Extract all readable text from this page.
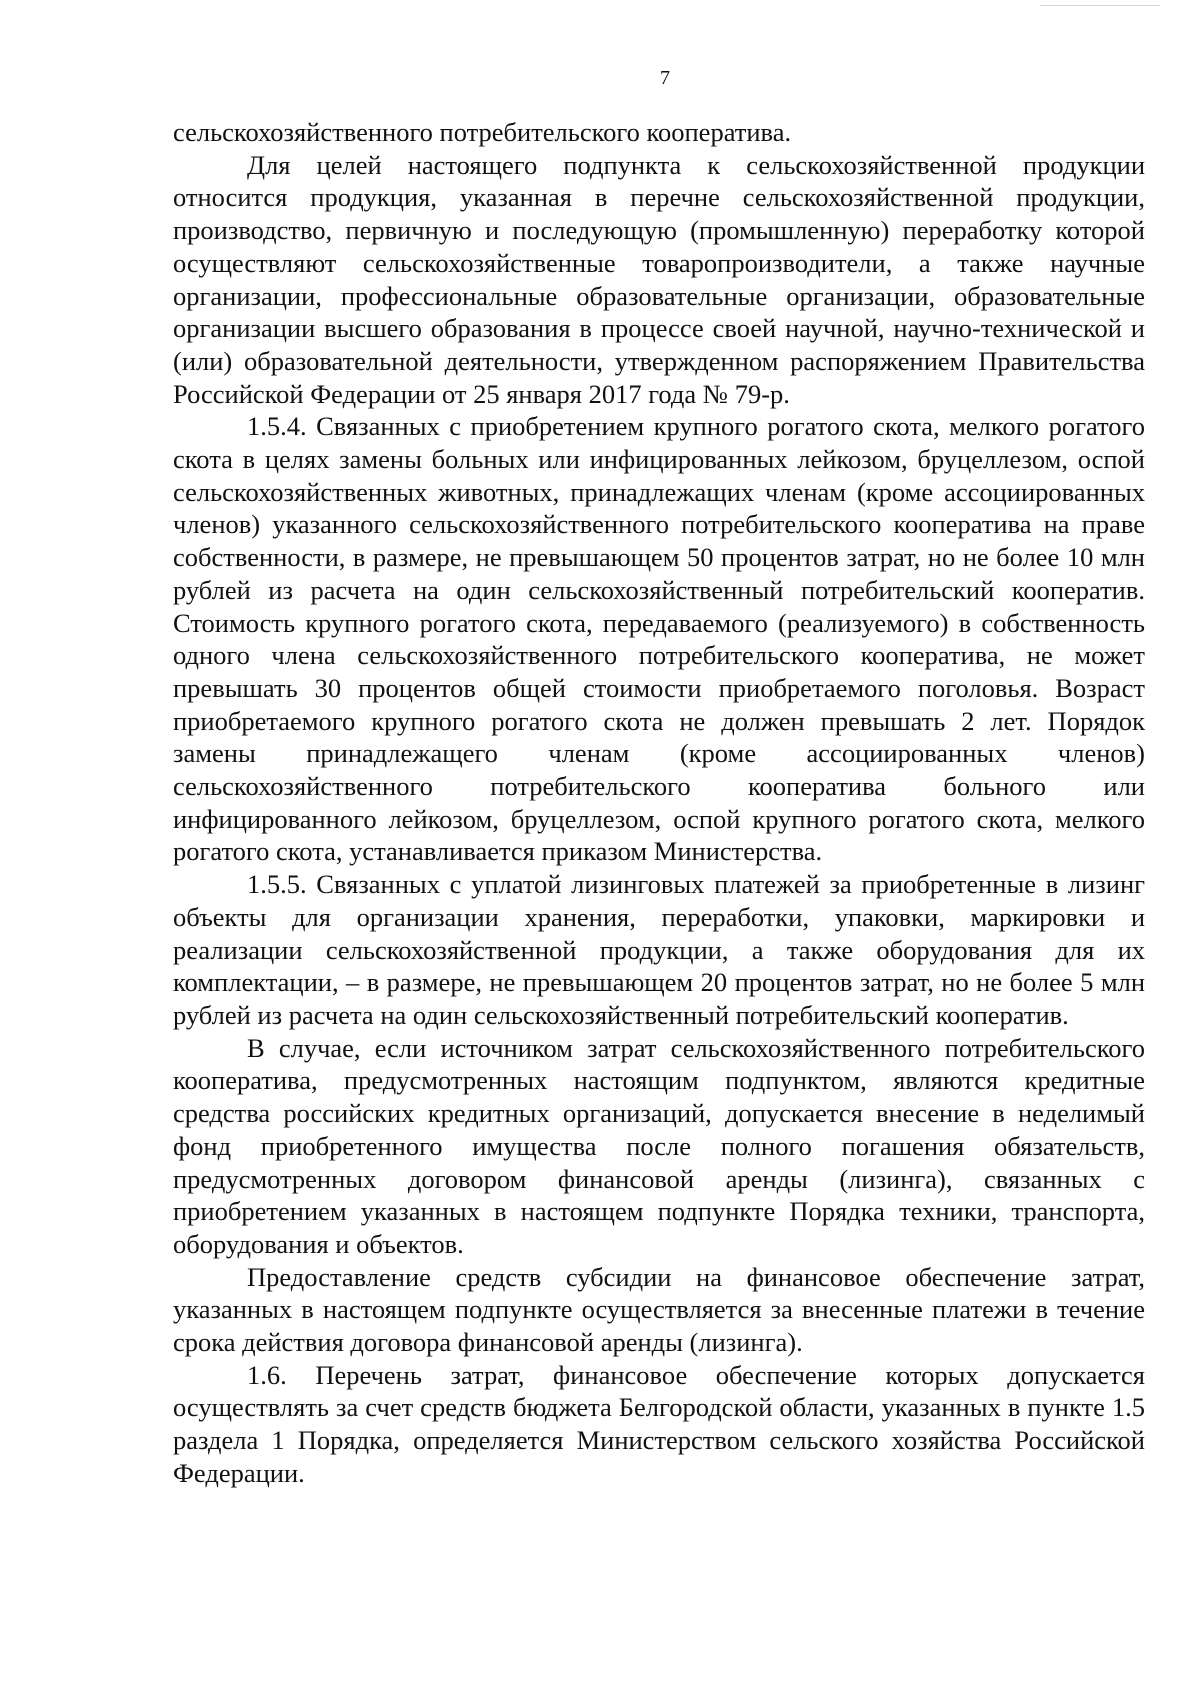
7

сельскохозяйственного потребительского кооператива.

Для целей настоящего подпункта к сельскохозяйственной продукции относится продукция, указанная в перечне сельскохозяйственной продукции, производство, первичную и последующую (промышленную) переработку которой осуществляют сельскохозяйственные товаропроизводители, а также научные организации, профессиональные образовательные организации, образовательные организации высшего образования в процессе своей научной, научно-технической и (или) образовательной деятельности, утвержденном распоряжением Правительства Российской Федерации от 25 января 2017 года № 79-р.

1.5.4. Связанных с приобретением крупного рогатого скота, мелкого рогатого скота в целях замены больных или инфицированных лейкозом, бруцеллезом, оспой сельскохозяйственных животных, принадлежащих членам (кроме ассоциированных членов) указанного сельскохозяйственного потребительского кооператива на праве собственности, в размере, не превышающем 50 процентов затрат, но не более 10 млн рублей из расчета на один сельскохозяйственный потребительский кооператив. Стоимость крупного рогатого скота, передаваемого (реализуемого) в собственность одного члена сельскохозяйственного потребительского кооператива, не может превышать 30 процентов общей стоимости приобретаемого поголовья. Возраст приобретаемого крупного рогатого скота не должен превышать 2 лет. Порядок замены принадлежащего членам (кроме ассоциированных членов) сельскохозяйственного потребительского кооператива больного или инфицированного лейкозом, бруцеллезом, оспой крупного рогатого скота, мелкого рогатого скота, устанавливается приказом Министерства.

1.5.5. Связанных с уплатой лизинговых платежей за приобретенные в лизинг объекты для организации хранения, переработки, упаковки, маркировки и реализации сельскохозяйственной продукции, а также оборудования для их комплектации, – в размере, не превышающем 20 процентов затрат, но не более 5 млн рублей из расчета на один сельскохозяйственный потребительский кооператив.

В случае, если источником затрат сельскохозяйственного потребительского кооператива, предусмотренных настоящим подпунктом, являются кредитные средства российских кредитных организаций, допускается внесение в неделимый фонд приобретенного имущества после полного погашения обязательств, предусмотренных договором финансовой аренды (лизинга), связанных с приобретением указанных в настоящем подпункте Порядка техники, транспорта, оборудования и объектов.

Предоставление средств субсидии на финансовое обеспечение затрат, указанных в настоящем подпункте осуществляется за внесенные платежи в течение срока действия договора финансовой аренды (лизинга).

1.6. Перечень затрат, финансовое обеспечение которых допускается осуществлять за счет средств бюджета Белгородской области, указанных в пункте 1.5 раздела 1 Порядка, определяется Министерством сельского хозяйства Российской Федерации.
